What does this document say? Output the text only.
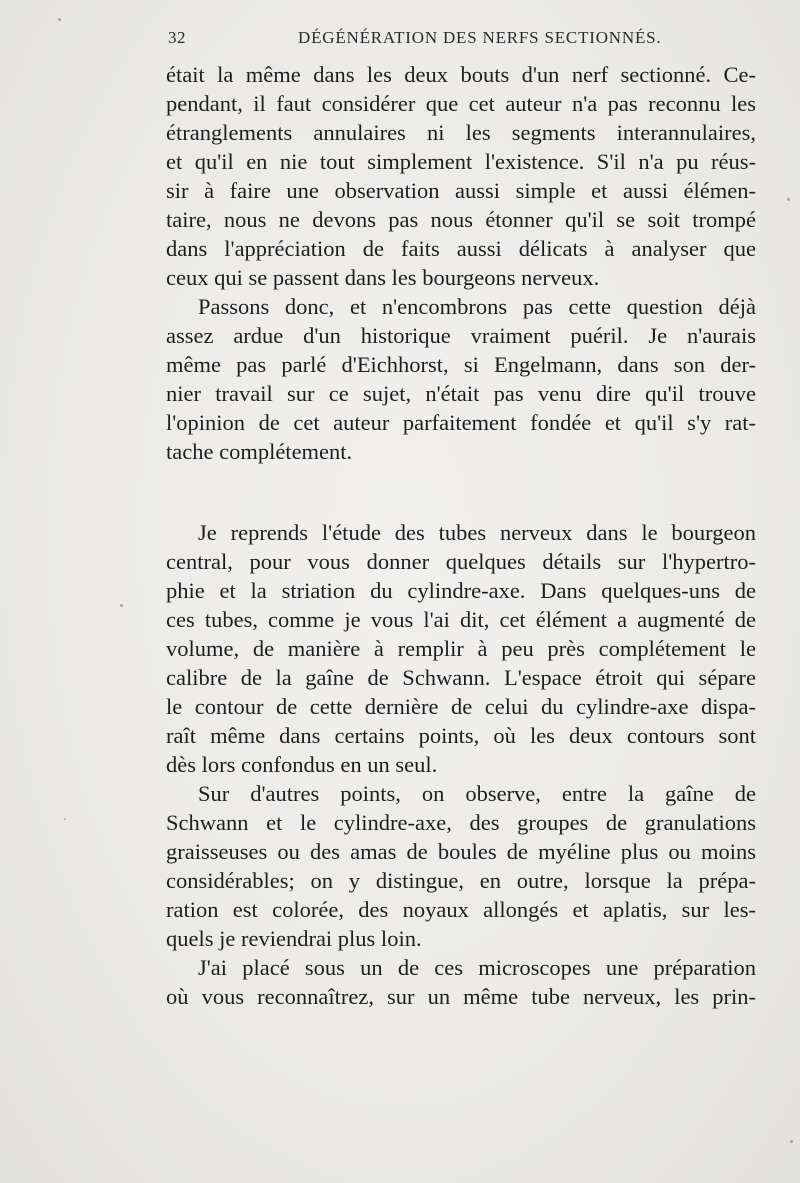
32	DÉGÉNÉRATION DES NERFS SECTIONNÉS.
était la même dans les deux bouts d'un nerf sectionné. Ce-
pendant, il faut considérer que cet auteur n'a pas reconnu les
étranglements annulaires ni les segments interannulaires,
et qu'il en nie tout simplement l'existence. S'il n'a pu réus-
sir à faire une observation aussi simple et aussi élémen-
taire, nous ne devons pas nous étonner qu'il se soit trompé
dans l'appréciation de faits aussi délicats à analyser que
ceux qui se passent dans les bourgeons nerveux.
Passons donc, et n'encombrons pas cette question déjà
assez ardue d'un historique vraiment puéril. Je n'aurais
même pas parlé d'Eichhorst, si Engelmann, dans son der-
nier travail sur ce sujet, n'était pas venu dire qu'il trouve
l'opinion de cet auteur parfaitement fondée et qu'il s'y rat-
tache complétement.
Je reprends l'étude des tubes nerveux dans le bourgeon
central, pour vous donner quelques détails sur l'hypertro-
phie et la striation du cylindre-axe. Dans quelques-uns de
ces tubes, comme je vous l'ai dit, cet élément a augmenté de
volume, de manière à remplir à peu près complétement le
calibre de la gaîne de Schwann. L'espace étroit qui sépare
le contour de cette dernière de celui du cylindre-axe dispa-
raît même dans certains points, où les deux contours sont
dès lors confondus en un seul.
Sur d'autres points, on observe, entre la gaîne de
Schwann et le cylindre-axe, des groupes de granulations
graisseuses ou des amas de boules de myéline plus ou moins
considérables; on y distingue, en outre, lorsque la prépa-
ration est colorée, des noyaux allongés et aplatis, sur les-
quels je reviendrai plus loin.
J'ai placé sous un de ces microscopes une préparation
où vous reconnaîtrez, sur un même tube nerveux, les prin-
